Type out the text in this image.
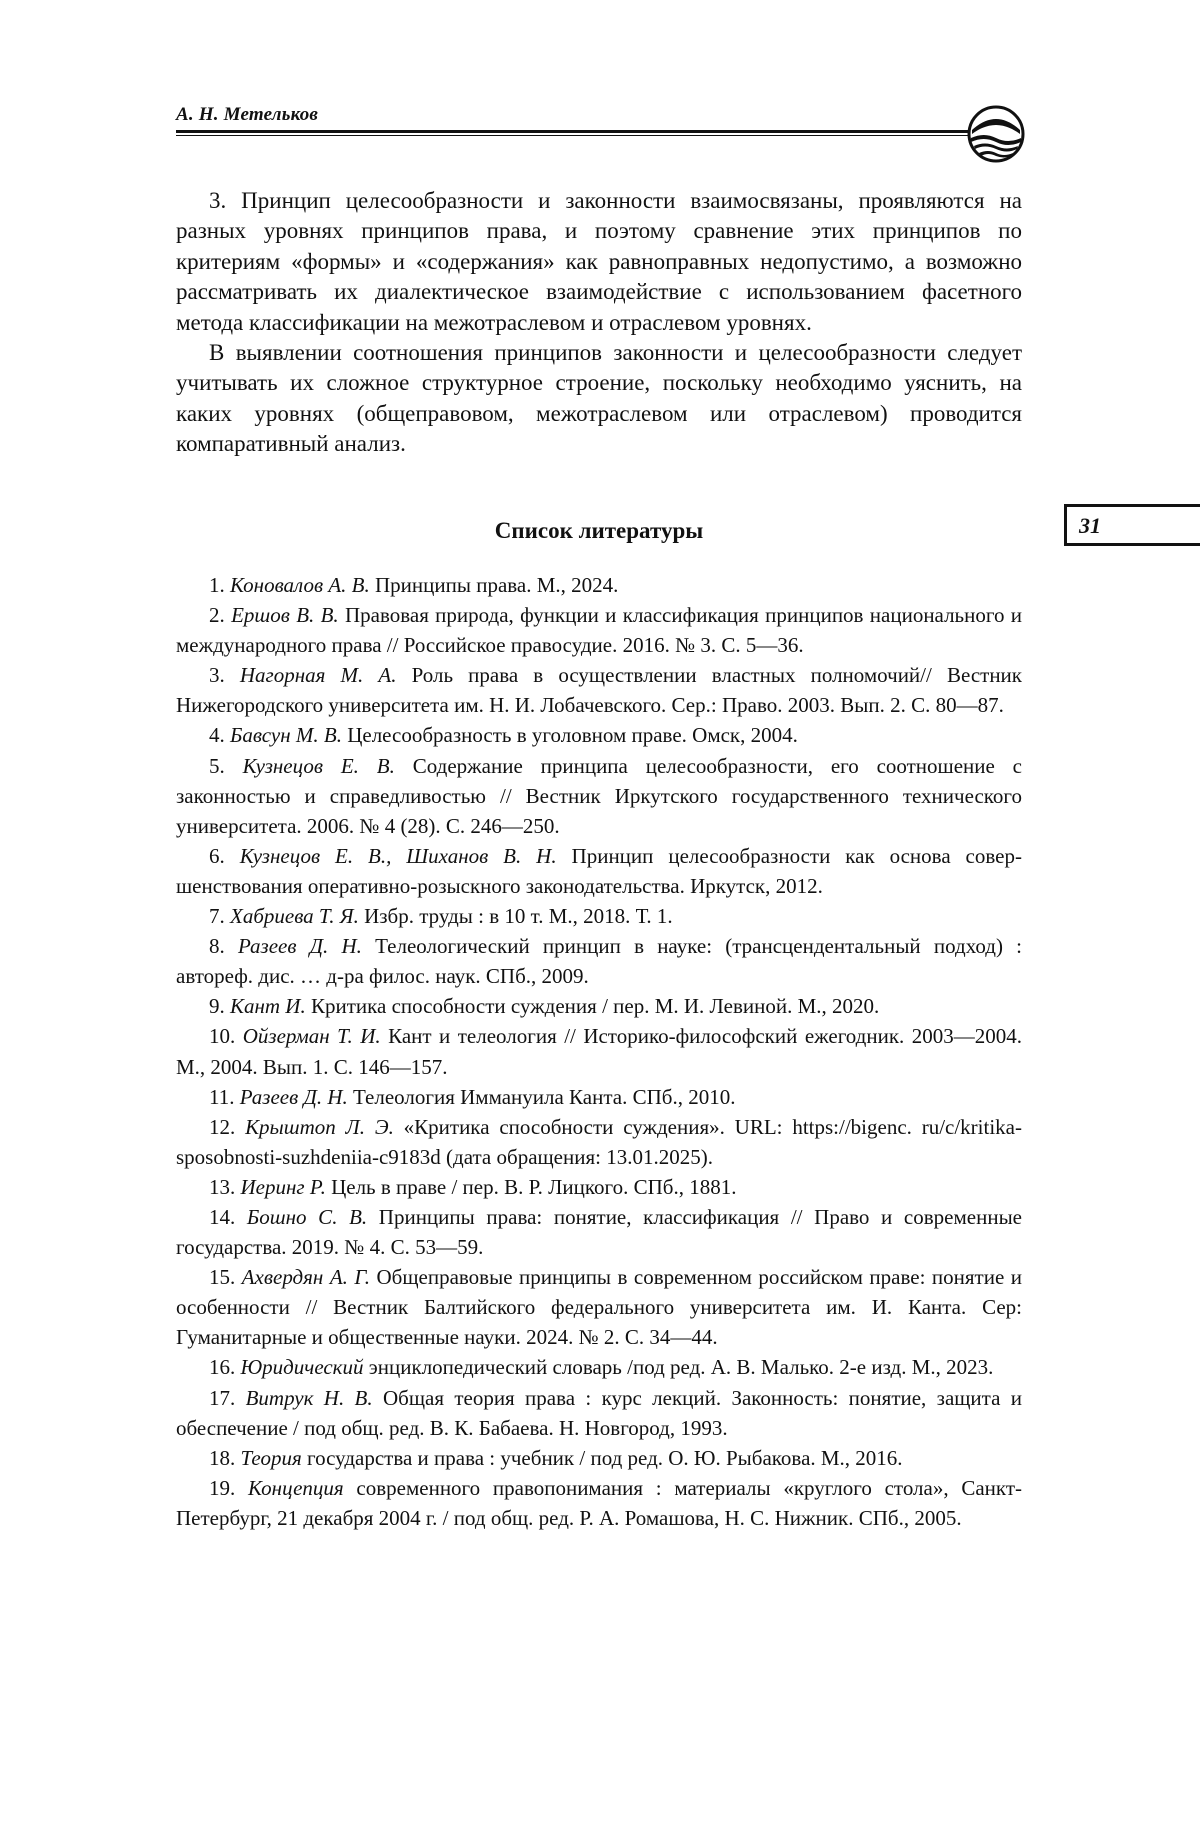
А. Н. Метельков

3. Принцип целесообразности и законности взаимосвязаны, проявляются на разных уровнях принципов права, и поэтому сравнение этих принципов по критериям «формы» и «содержания» как равноправных недопустимо, а возможно рассматривать их диалектическое взаимодействие с использованием фасетного метода классификации на межотраслевом и отраслевом уровнях.

В выявлении соотношения принципов законности и целесообразности следует учитывать их сложное структурное строение, поскольку необходимо уяснить, на каких уровнях (общеправовом, межотраслевом или отраслевом) проводится компаративный анализ.

Список литературы	31

1. Коновалов А. В. Принципы права. М., 2024.

2. Ершов В. В. Правовая природа, функции и классификация принципов национального и международного права // Российское правосудие. 2016. № 3. С. 5—36.

3. Нагорная М. А. Роль права в осуществлении властных полномочий// Вестник Нижегородского университета им. Н. И. Лобачевского. Сер.: Право. 2003. Вып. 2. С. 80—87.

4. Бавсун М. В. Целесообразность в уголовном праве. Омск, 2004.

5. Кузнецов Е. В. Содержание принципа целесообразности, его соотношение с законностью и справедливостью // Вестник Иркутского государственного технического университета. 2006. № 4 (28). С. 246—250.

6. Кузнецов Е. В., Шиханов В. Н. Принцип целесообразности как основа совершенствования оперативно-розыскного законодательства. Иркутск, 2012.

7. Хабриева Т. Я. Избр. труды : в 10 т. М., 2018. Т. 1.

8. Разеев Д. Н. Телеологический принцип в науке: (трансцендентальный подход) : автореф. дис. … д-ра филос. наук. СПб., 2009.

9. Кант И. Критика способности суждения / пер. М. И. Левиной. М., 2020.

10. Ойзерман Т. И. Кант и телеология // Историко-философский ежегодник. 2003—2004. М., 2004. Вып. 1. С. 146—157.

11. Разеев Д. Н. Телеология Иммануила Канта. СПб., 2010.

12. Крыштоп Л. Э. «Критика способности суждения». URL: https://bigenc. ru/c/kritika-sposobnosti-suzhdeniia-c9183d (дата обращения: 13.01.2025).

13. Иеринг Р. Цель в праве / пер. В. Р. Лицкого. СПб., 1881.

14. Бошно С. В. Принципы права: понятие, классификация // Право и современные государства. 2019. № 4. С. 53—59.

15. Ахвердян А. Г. Общеправовые принципы в современном российском праве: понятие и особенности // Вестник Балтийского федерального университета им. И. Канта. Сер: Гуманитарные и общественные науки. 2024. № 2. С. 34—44.

16. Юридический энциклопедический словарь /под ред. А. В. Малько. 2-е изд. М., 2023.

17. Витрук Н. В. Общая теория права : курс лекций. Законность: понятие, защита и обеспечение / под общ. ред. В. К. Бабаева. Н. Новгород, 1993.

18. Теория государства и права : учебник / под ред. О. Ю. Рыбакова. М., 2016.

19. Концепция современного правопонимания : материалы «круглого стола», Санкт-Петербург, 21 декабря 2004 г. / под общ. ред. Р. А. Ромашова, Н. С. Нижник. СПб., 2005.
